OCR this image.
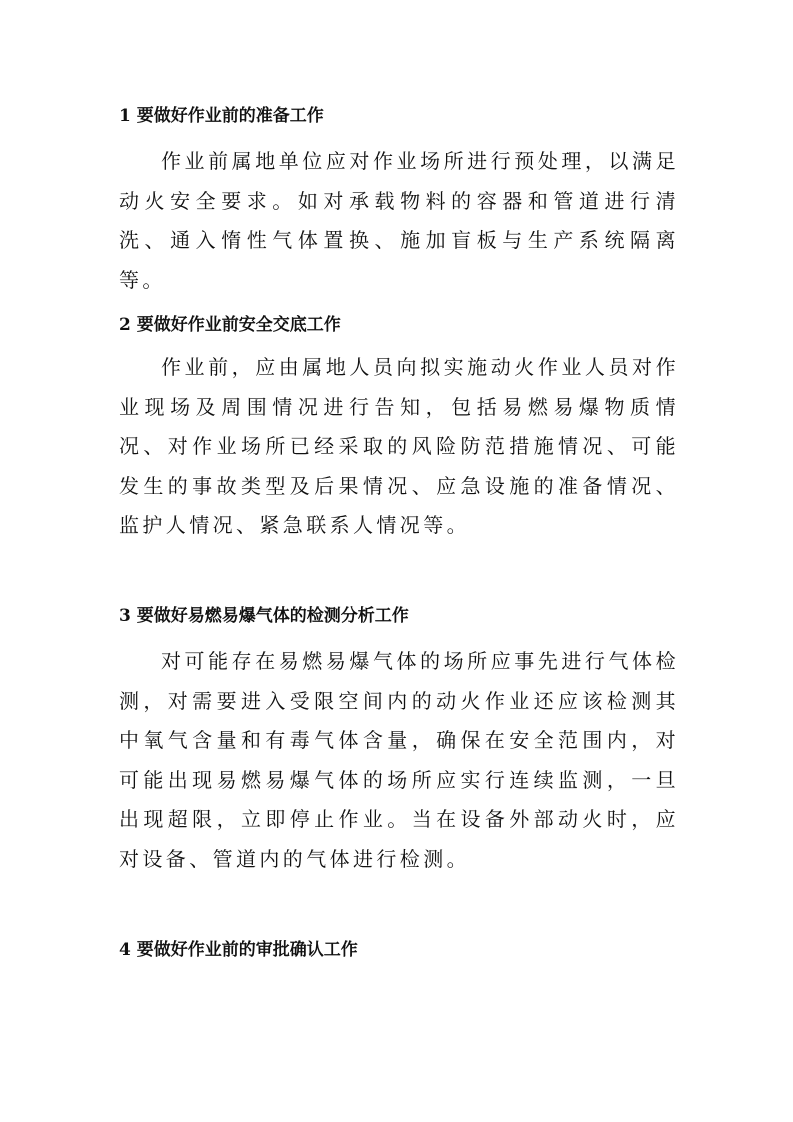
1 要做好作业前的准备工作

作业前属地单位应对作业场所进行预处理，以满足动火安全要求。如对承载物料的容器和管道进行清洗、通入惰性气体置换、施加盲板与生产系统隔离等。

2 要做好作业前安全交底工作

作业前，应由属地人员向拟实施动火作业人员对作业现场及周围情况进行告知，包括易燃易爆物质情况、对作业场所已经采取的风险防范措施情况、可能发生的事故类型及后果情况、应急设施的准备情况、监护人情况、紧急联系人情况等。

3 要做好易燃易爆气体的检测分析工作

对可能存在易燃易爆气体的场所应事先进行气体检测，对需要进入受限空间内的动火作业还应该检测其中氧气含量和有毒气体含量，确保在安全范围内，对可能出现易燃易爆气体的场所应实行连续监测，一旦出现超限，立即停止作业。当在设备外部动火时，应对设备、管道内的气体进行检测。

4 要做好作业前的审批确认工作
